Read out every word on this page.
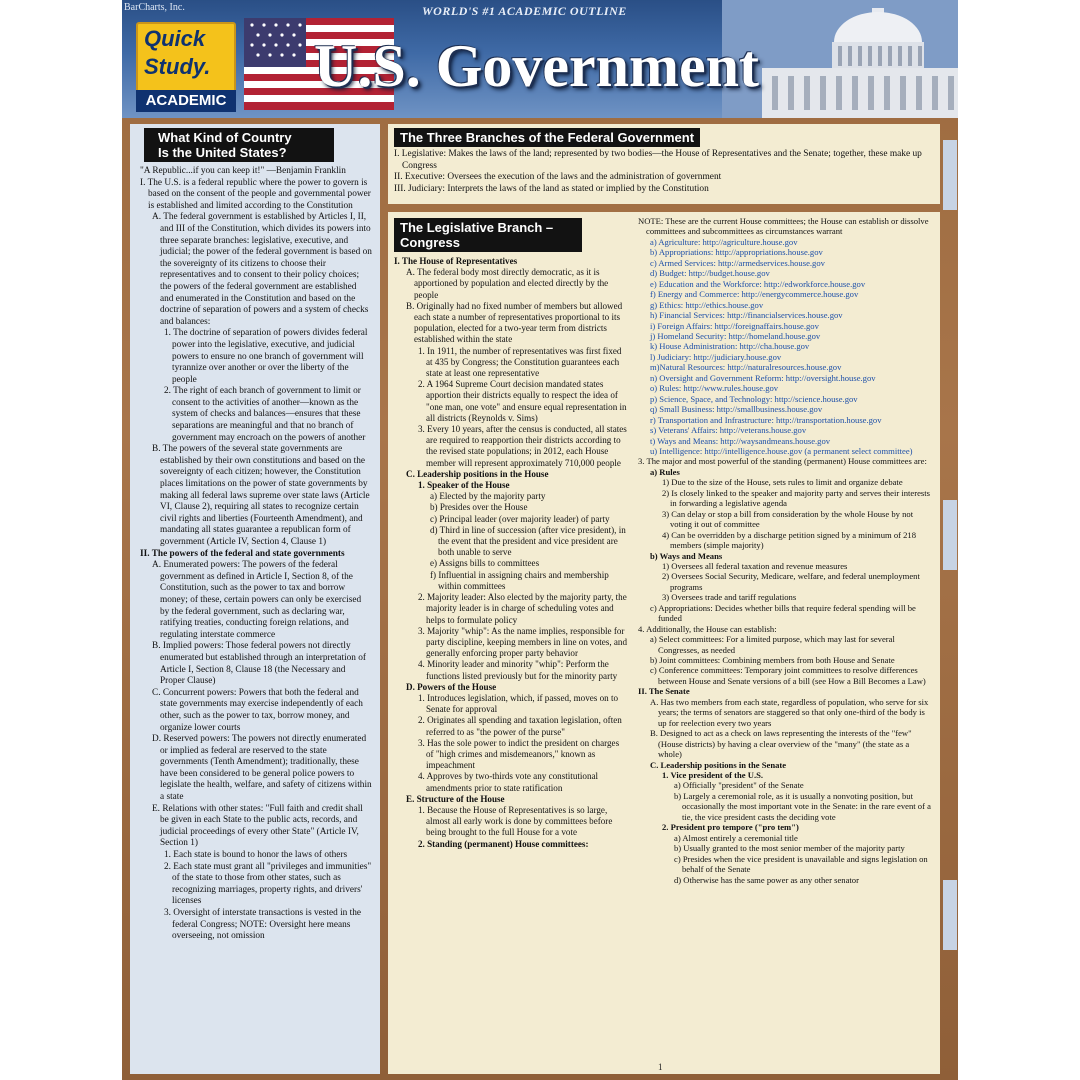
BarCharts, Inc.
Quick
Study.
ACADEMIC
WORLD'S #1 ACADEMIC OUTLINE
U.S. Government
What Kind of Country
Is the United States?

"A Republic...if you can keep it!" —Benjamin Franklin

I. The U.S. is a federal republic where the power to govern is based on the consent of the people and governmental power is established and limited according to the Constitution

A. The federal government is established by Articles I, II, and III of the Constitution, which divides its powers into three separate branches: legislative, executive, and judicial; the power of the federal government is based on the sovereignty of its citizens to choose their representatives and to consent to their policy choices; the powers of the federal government are established and enumerated in the Constitution and based on the doctrine of separation of powers and a system of checks and balances:

1. The doctrine of separation of powers divides federal power into the legislative, executive, and judicial powers to ensure no one branch of government will tyrannize over another or over the liberty of the people

2. The right of each branch of government to limit or consent to the activities of another—known as the system of checks and balances—ensures that these separations are meaningful and that no branch of government may encroach on the powers of another

B. The powers of the several state governments are established by their own constitutions and based on the sovereignty of each citizen; however, the Constitution places limitations on the power of state governments by making all federal laws supreme over state laws (Article VI, Clause 2), requiring all states to recognize certain civil rights and liberties (Fourteenth Amendment), and mandating all states guarantee a republican form of government (Article IV, Section 4, Clause 1)

II. The powers of the federal and state governments

A. Enumerated powers: The powers of the federal government as defined in Article I, Section 8, of the Constitution, such as the power to tax and borrow money; of these, certain powers can only be exercised by the federal government, such as declaring war, ratifying treaties, conducting foreign relations, and regulating interstate commerce

B. Implied powers: Those federal powers not directly enumerated but established through an interpretation of Article I, Section 8, Clause 18 (the Necessary and Proper Clause)

C. Concurrent powers: Powers that both the federal and state governments may exercise independently of each other, such as the power to tax, borrow money, and organize lower courts

D. Reserved powers: The powers not directly enumerated or implied as federal are reserved to the state governments (Tenth Amendment); traditionally, these have been considered to be general police powers to legislate the health, welfare, and safety of citizens within a state

E. Relations with other states: "Full faith and credit shall be given in each State to the public acts, records, and judicial proceedings of every other State" (Article IV, Section 1)

1. Each state is bound to honor the laws of others

2. Each state must grant all "privileges and immunities" of the state to those from other states, such as recognizing marriages, property rights, and drivers' licenses

3. Oversight of interstate transactions is vested in the federal Congress; NOTE: Oversight here means overseeing, not omission

The Three Branches of the Federal Government

I. Legislative: Makes the laws of the land; represented by two bodies—the House of Representatives and the Senate; together, these make up Congress

II. Executive: Oversees the execution of the laws and the administration of government

III. Judiciary: Interprets the laws of the land as stated or implied by the Constitution

The Legislative Branch –
Congress

I. The House of Representatives

A. The federal body most directly democratic, as it is apportioned by population and elected directly by the people

B. Originally had no fixed number of members but allowed each state a number of representatives proportional to its population, elected for a two-year term from districts established within the state

1. In 1911, the number of representatives was first fixed at 435 by Congress; the Constitution guarantees each state at least one representative

2. A 1964 Supreme Court decision mandated states apportion their districts equally to respect the idea of "one man, one vote" and ensure equal representation in all districts (Reynolds v. Sims)

3. Every 10 years, after the census is conducted, all states are required to reapportion their districts according to the revised state populations; in 2012, each House member will represent approximately 710,000 people

C. Leadership positions in the House

1. Speaker of the House

a) Elected by the majority party

b) Presides over the House

c) Principal leader (over majority leader) of party

d) Third in line of succession (after vice president), in the event that the president and vice president are both unable to serve

e) Assigns bills to committees

f) Influential in assigning chairs and membership within committees

2. Majority leader: Also elected by the majority party, the majority leader is in charge of scheduling votes and helps to formulate policy

3. Majority "whip": As the name implies, responsible for party discipline, keeping members in line on votes, and generally enforcing proper party behavior

4. Minority leader and minority "whip": Perform the functions listed previously but for the minority party

D. Powers of the House

1. Introduces legislation, which, if passed, moves on to Senate for approval

2. Originates all spending and taxation legislation, often referred to as "the power of the purse"

3. Has the sole power to indict the president on charges of "high crimes and misdemeanors," known as impeachment

4. Approves by two-thirds vote any constitutional amendments prior to state ratification

E. Structure of the House

1. Because the House of Representatives is so large, almost all early work is done by committees before being brought to the full House for a vote

2. Standing (permanent) House committees:

NOTE: These are the current House committees; the House can establish or dissolve committees and subcommittees as circumstances warrant

a) Agriculture: http://agriculture.house.gov

b) Appropriations: http://appropriations.house.gov

c) Armed Services: http://armedservices.house.gov

d) Budget: http://budget.house.gov

e) Education and the Workforce: http://edworkforce.house.gov

f) Energy and Commerce: http://energycommerce.house.gov

g) Ethics: http://ethics.house.gov

h) Financial Services: http://financialservices.house.gov

i) Foreign Affairs: http://foreignaffairs.house.gov

j) Homeland Security: http://homeland.house.gov

k) House Administration: http://cha.house.gov

l) Judiciary: http://judiciary.house.gov

m)Natural Resources: http://naturalresources.house.gov

n) Oversight and Government Reform: http://oversight.house.gov

o) Rules: http://www.rules.house.gov

p) Science, Space, and Technology: http://science.house.gov

q) Small Business: http://smallbusiness.house.gov

r) Transportation and Infrastructure: http://transportation.house.gov

s) Veterans' Affairs: http://veterans.house.gov

t) Ways and Means: http://waysandmeans.house.gov

u) Intelligence: http://intelligence.house.gov (a permanent select committee)

3. The major and most powerful of the standing (permanent) House committees are:

a) Rules

1) Due to the size of the House, sets rules to limit and organize debate

2) Is closely linked to the speaker and majority party and serves their interests in forwarding a legislative agenda

3) Can delay or stop a bill from consideration by the whole House by not voting it out of committee

4) Can be overridden by a discharge petition signed by a minimum of 218 members (simple majority)

b) Ways and Means

1) Oversees all federal taxation and revenue measures

2) Oversees Social Security, Medicare, welfare, and federal unemployment programs

3) Oversees trade and tariff regulations

c) Appropriations: Decides whether bills that require federal spending will be funded

4. Additionally, the House can establish:

a) Select committees: For a limited purpose, which may last for several Congresses, as needed

b) Joint committees: Combining members from both House and Senate

c) Conference committees: Temporary joint committees to resolve differences between House and Senate versions of a bill (see How a Bill Becomes a Law)

II. The Senate

A. Has two members from each state, regardless of population, who serve for six years; the terms of senators are staggered so that only one-third of the body is up for reelection every two years

B. Designed to act as a check on laws representing the interests of the "few" (House districts) by having a clear overview of the "many" (the state as a whole)

C. Leadership positions in the Senate

1. Vice president of the U.S.

a) Officially "president" of the Senate

b) Largely a ceremonial role, as it is usually a nonvoting position, but occasionally the most important vote in the Senate: in the rare event of a tie, the vice president casts the deciding vote

2. President pro tempore ("pro tem")

a) Almost entirely a ceremonial title

b) Usually granted to the most senior member of the majority party

c) Presides when the vice president is unavailable and signs legislation on behalf of the Senate

d) Otherwise has the same power as any other senator

1
